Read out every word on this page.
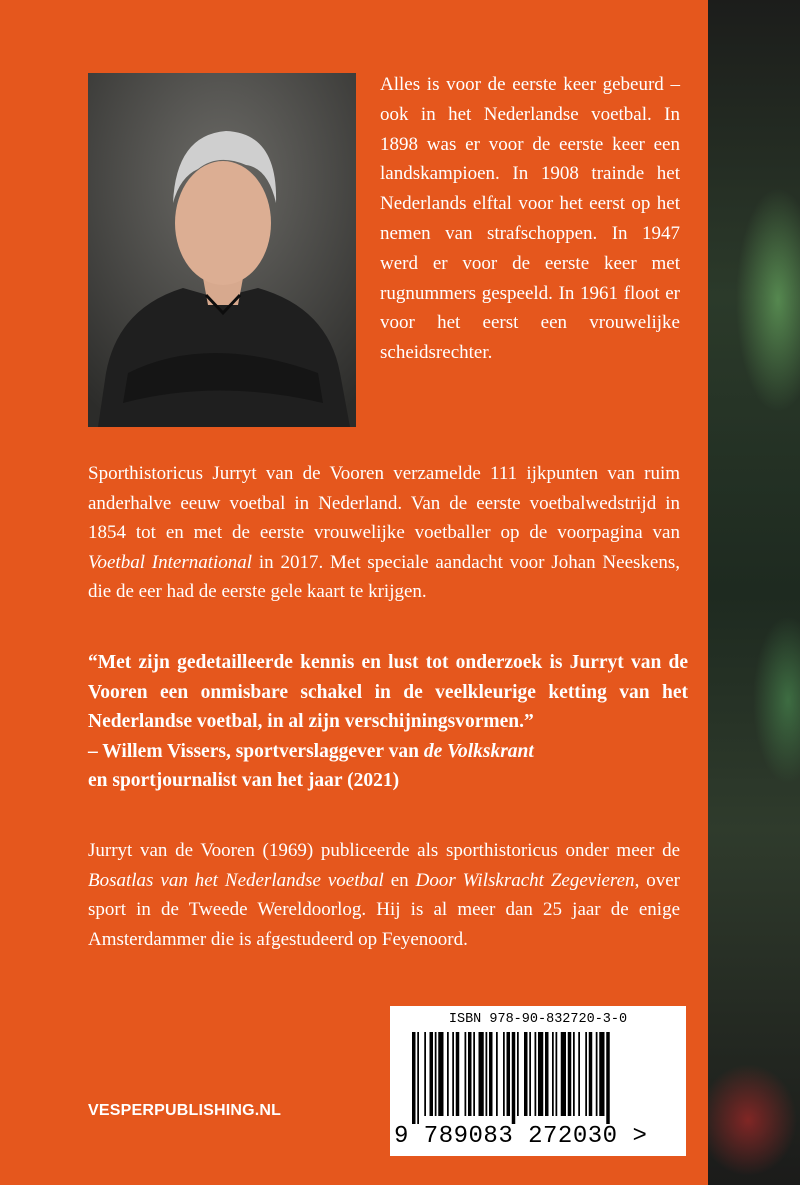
Alles is voor de eerste keer gebeurd – ook in het Nederlandse voetbal. In 1898 was er voor de eerste keer een landskampioen. In 1908 trainde het Nederlands elftal voor het eerst op het nemen van strafschoppen. In 1947 werd er voor de eerste keer met rugnummers gespeeld. In 1961 floot er voor het eerst een vrouwelijke scheidsrechter.

Sporthistoricus Jurryt van de Vooren verzamelde 111 ijkpunten van ruim anderhalve eeuw voetbal in Nederland. Van de eerste voetbalwedstrijd in 1854 tot en met de eerste vrouwelijke voetballer op de voorpagina van Voetbal International in 2017. Met speciale aandacht voor Johan Neeskens, die de eer had de eerste gele kaart te krijgen.

“Met zijn gedetailleerde kennis en lust tot onderzoek is Jurryt van de Vooren een onmisbare schakel in de veelkleurige ketting van het Nederlandse voetbal, in al zijn verschijningsvormen.”
– Willem Vissers, sportverslaggever van de Volkskrant
en sportjournalist van het jaar (2021)

Jurryt van de Vooren (1969) publiceerde als sporthistoricus onder meer de Bosatlas van het Nederlandse voetbal en Door Wilskracht Zegevieren, over sport in de Tweede Wereldoorlog. Hij is al meer dan 25 jaar de enige Amsterdammer die is afgestudeerd op Feyenoord.

VESPERPUBLISHING.NL
ISBN 978-90-832720-3-0
9 789083 272030 >
